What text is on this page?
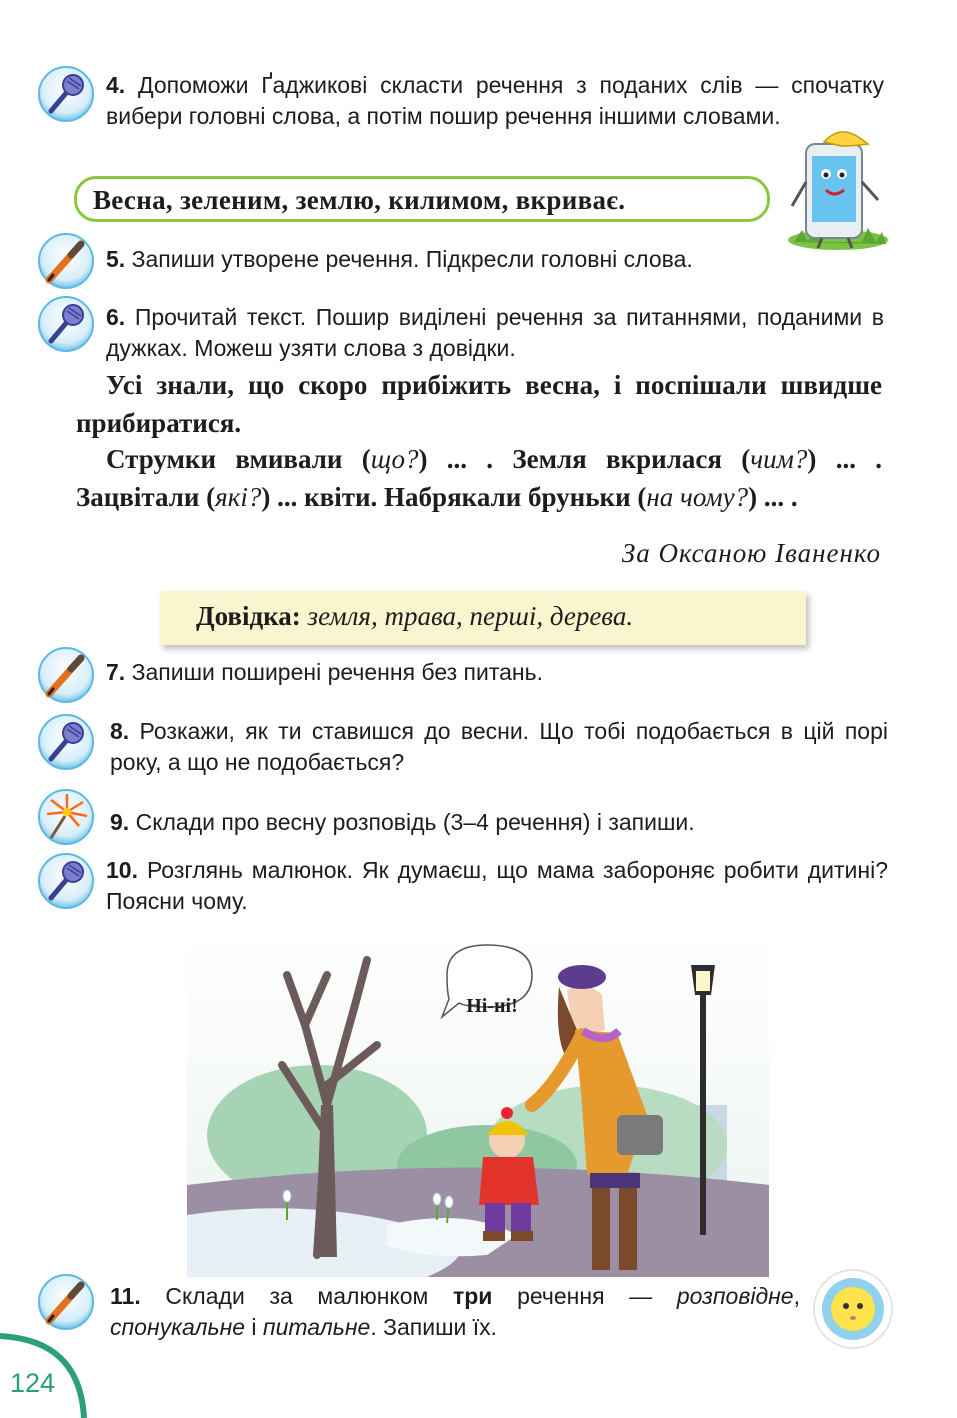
4. Допоможи Ґаджикові скласти речення з поданих слів — спочатку вибери головні слова, а потім пошир речення іншими словами.
Весна, зеленим, землю, килимом, вкриває.
5. Запиши утворене речення. Підкресли головні слова.
6. Прочитай текст. Пошир виділені речення за питаннями, поданими в дужках. Можеш узяти слова з довідки.
Усі знали, що скоро прибіжить весна, і поспішали швидше прибиратися.
Струмки вмивали (що?) ... . Земля вкрилася (чим?) ... . Зацвітали (які?) ... квіти. Набрякали бруньки (на чому?) ... .
За Оксаною Іваненко
Довідка: земля, трава, перші, дерева.
7. Запиши поширені речення без питань.
8. Розкажи, як ти ставишся до весни. Що тобі подобається в цій порі року, а що не подобається?
9. Склади про весну розповідь (3–4 речення) і запиши.
10. Розглянь малюнок. Як думаєш, що мама забороняє робити дитині? Поясни чому.
Ні-ні!
11. Склади за малюнком три речення — розповідне, спонукальне і питальне. Запиши їх.
124
